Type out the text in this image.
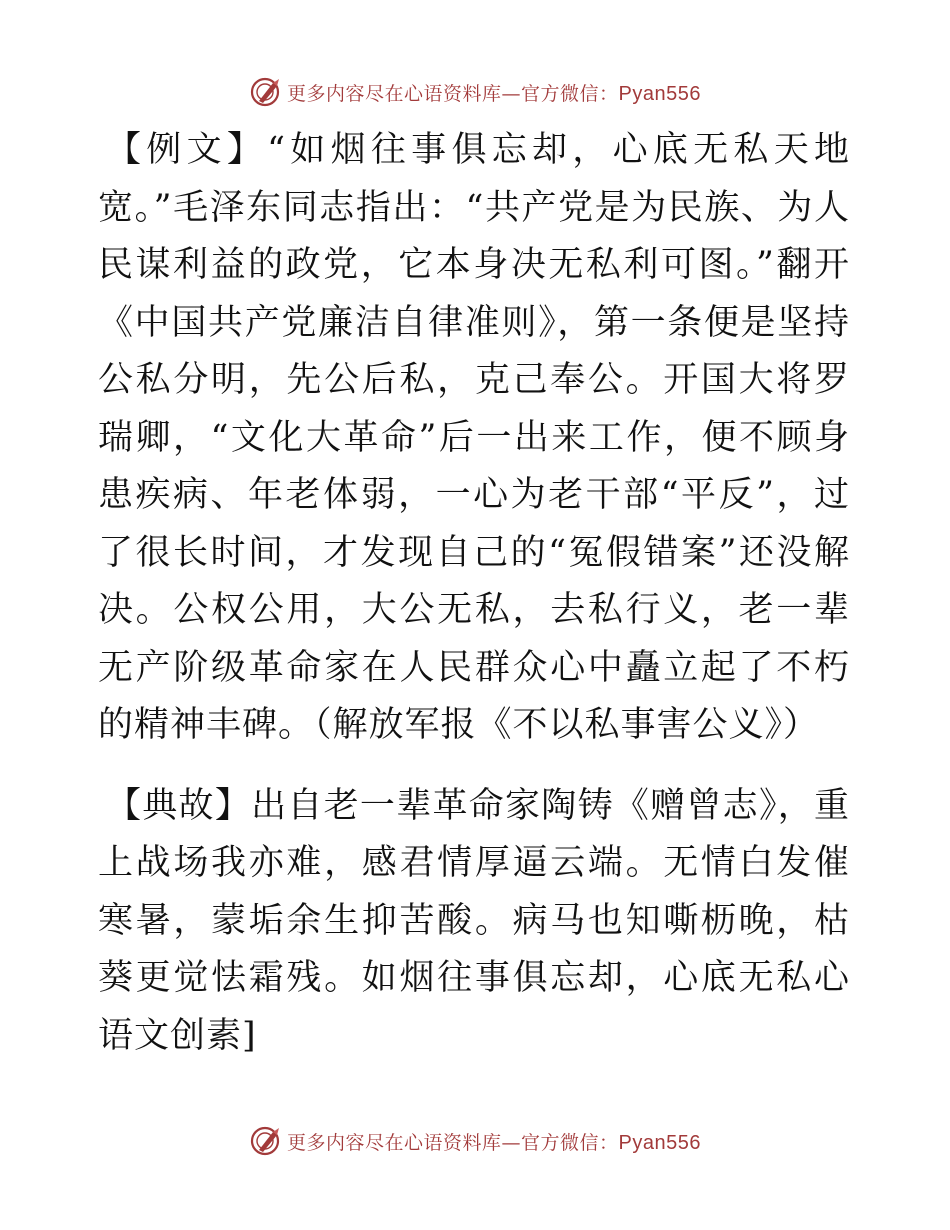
更多内容尽在心语资料库—官方微信：Pyan556

【例文】“如烟往事俱忘却，心底无私天地宽。”毛泽东同志指出：“共产党是为民族、为人民谋利益的政党，它本身决无私利可图。”翻开《中国共产党廉洁自律准则》，第一条便是坚持公私分明，先公后私，克己奉公。开国大将罗瑞卿，“文化大革命”后一出来工作，便不顾身患疾病、年老体弱，一心为老干部“平反”，过了很长时间，才发现自己的“冤假错案”还没解决。公权公用，大公无私，去私行义，老一辈无产阶级革命家在人民群众心中矗立起了不朽的精神丰碑。（解放军报《不以私事害公义》）

【典故】出自老一辈革命家陶铸《赠曾志》，重上战场我亦难，感君情厚逼云端。无情白发催寒暑，蒙垢余生抑苦酸。病马也知嘶枥晚，枯葵更觉怯霜残。如烟往事俱忘却，心底无私心语文创素]

更多内容尽在心语资料库—官方微信：Pyan556
